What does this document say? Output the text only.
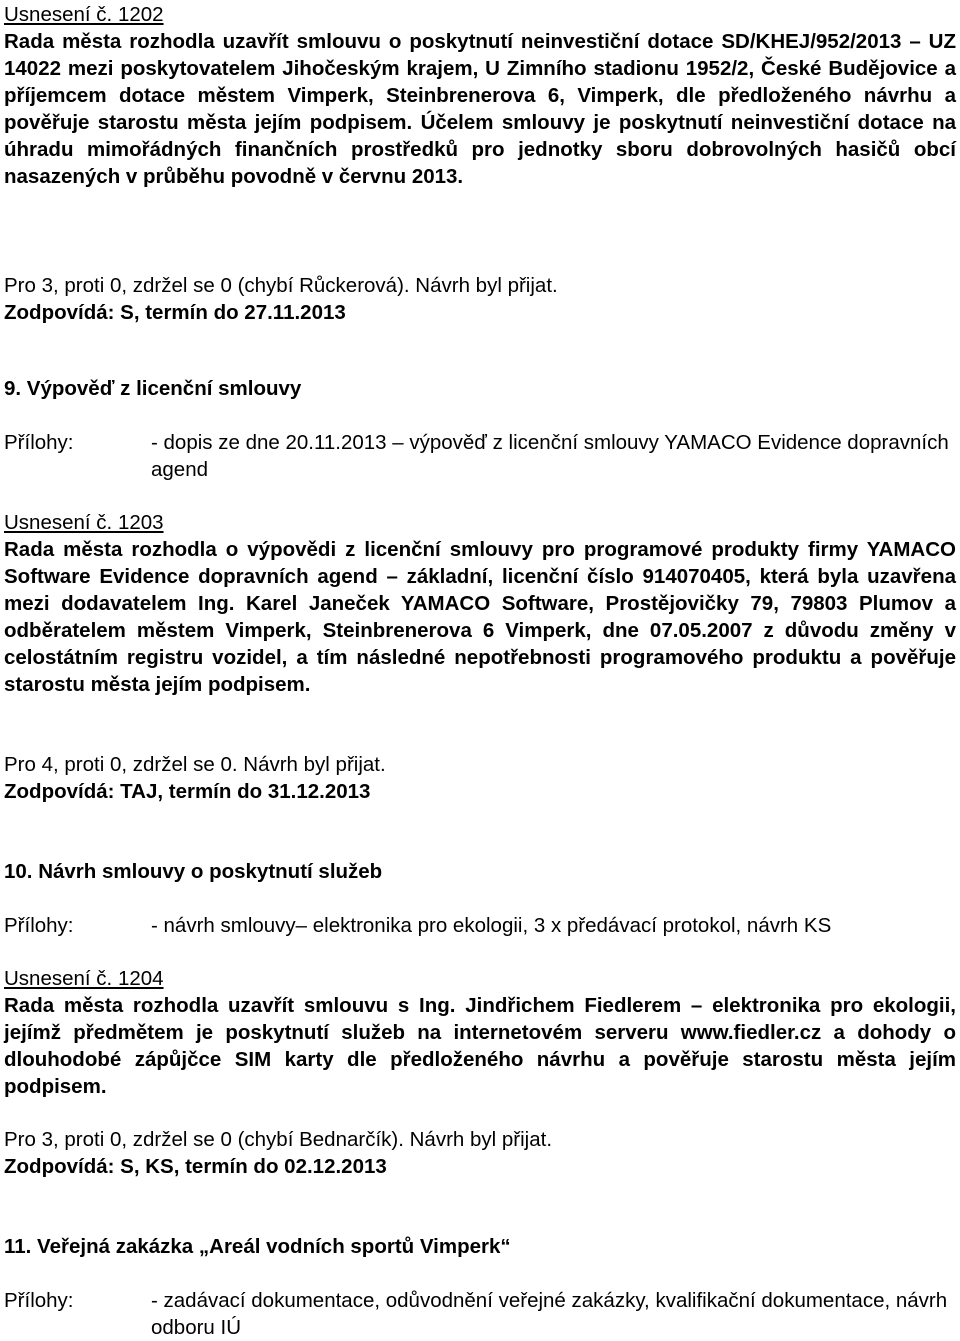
Usnesení č. 1202
Rada města rozhodla uzavřít smlouvu o poskytnutí neinvestiční dotace SD/KHEJ/952/2013 – UZ 14022 mezi poskytovatelem Jihočeským krajem, U Zimního stadionu 1952/2, České Budějovice a příjemcem dotace městem Vimperk, Steinbrenerova 6, Vimperk, dle předloženého návrhu a pověřuje starostu města jejím podpisem. Účelem smlouvy je poskytnutí neinvestiční dotace na úhradu mimořádných finančních prostředků pro jednotky sboru dobrovolných hasičů obcí nasazených v průběhu povodně v červnu 2013.
Pro 3, proti 0, zdržel se 0 (chybí Růckerová). Návrh byl přijat.
Zodpovídá: S, termín do 27.11.2013
9. Výpověď z licenční smlouvy
Přílohy:	- dopis ze dne 20.11.2013 – výpověď z licenční smlouvy YAMACO Evidence dopravních agend
Usnesení č. 1203
Rada města rozhodla o výpovědi z licenční smlouvy pro programové produkty firmy YAMACO Software Evidence dopravních agend – základní, licenční číslo 914070405, která byla uzavřena mezi dodavatelem Ing. Karel Janeček YAMACO Software, Prostějovičky 79, 79803 Plumov a odběratelem městem Vimperk, Steinbrenerova 6 Vimperk, dne 07.05.2007 z důvodu změny v celostátním registru vozidel, a tím následné nepotřebnosti programového produktu a pověřuje starostu města jejím podpisem.
Pro 4, proti 0, zdržel se 0. Návrh byl přijat.
Zodpovídá: TAJ, termín do 31.12.2013
10. Návrh smlouvy o poskytnutí služeb
Přílohy:	- návrh smlouvy– elektronika pro ekologii, 3 x předávací protokol, návrh KS
Usnesení č. 1204
Rada města rozhodla uzavřít smlouvu s Ing. Jindřichem Fiedlerem – elektronika pro ekologii, jejímž předmětem je poskytnutí služeb na internetovém serveru www.fiedler.cz a dohody o dlouhodobé zápůjčce SIM karty dle předloženého návrhu a pověřuje starostu města jejím podpisem.
Pro 3, proti 0, zdržel se 0 (chybí Bednarčík). Návrh byl přijat.
Zodpovídá: S, KS, termín do 02.12.2013
11. Veřejná zakázka „Areál vodních sportů Vimperk“
Přílohy:	- zadávací dokumentace, odůvodnění veřejné zakázky, kvalifikační dokumentace, návrh odboru IÚ
